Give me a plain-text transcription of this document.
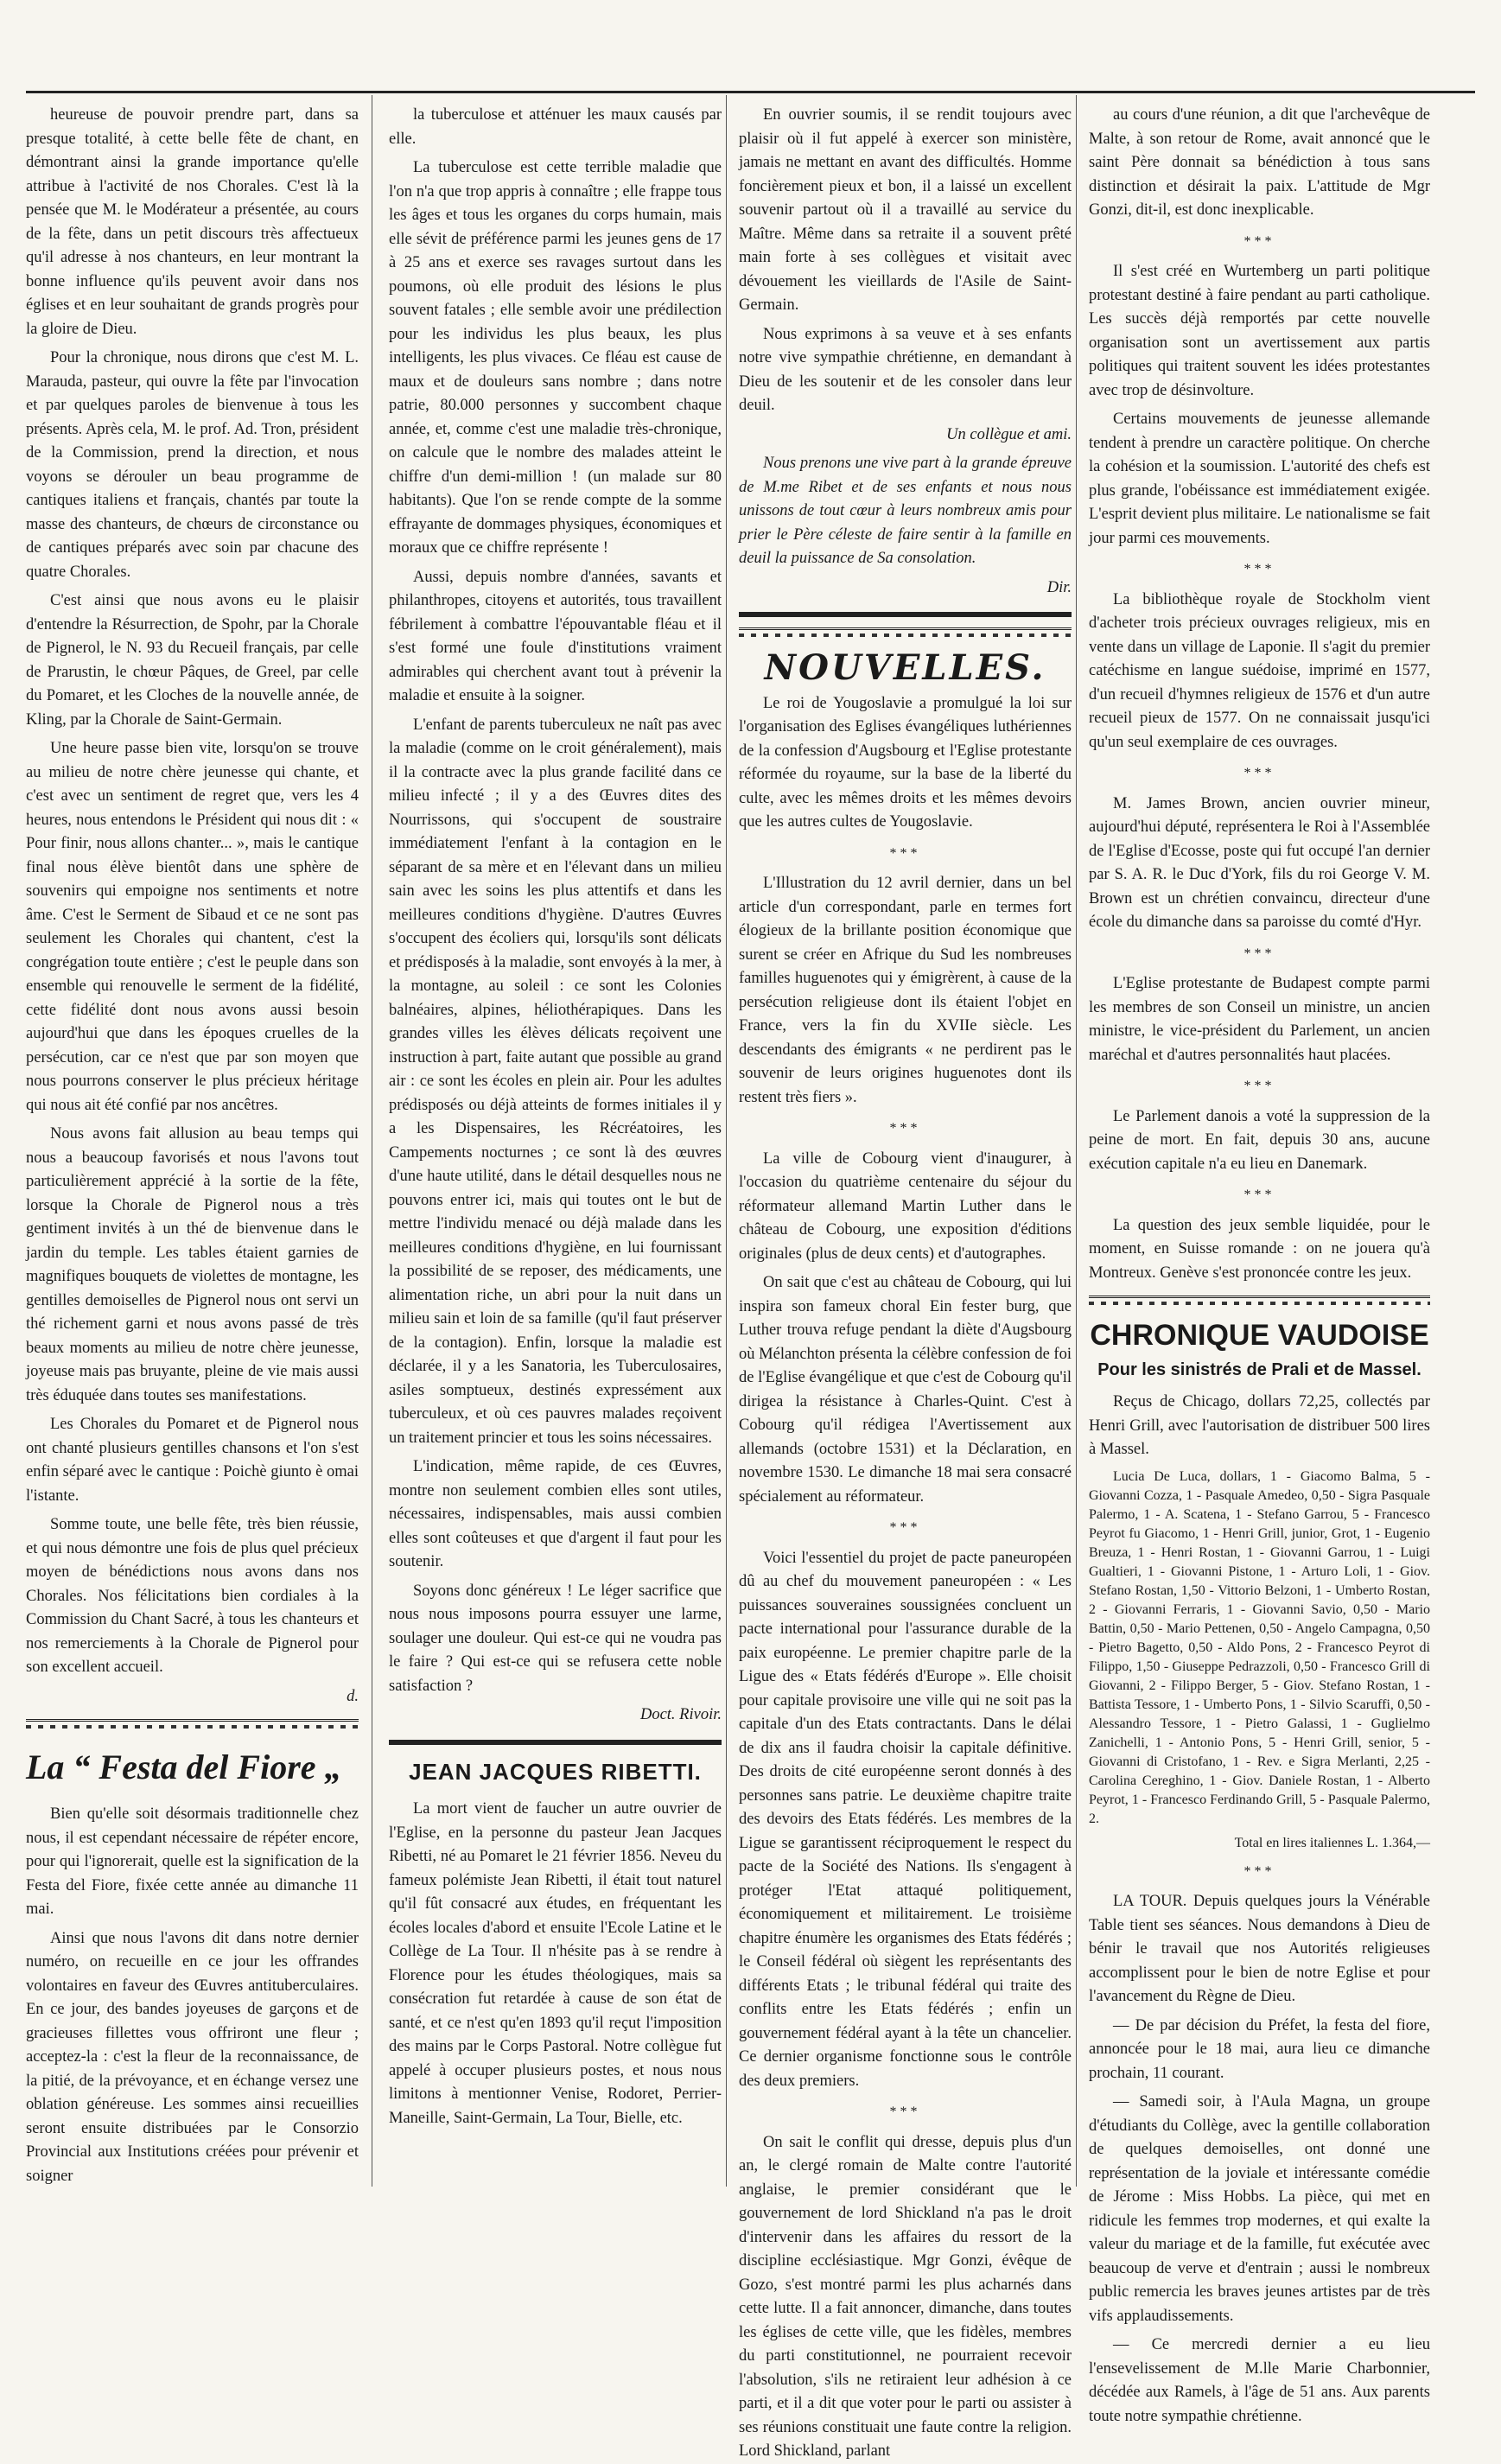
heureuse de pouvoir prendre part, dans sa presque totalité, à cette belle fête de chant, en démontrant ainsi la grande importance qu'elle attribue à l'activité de nos Chorales. C'est là la pensée que M. le Modérateur a présentée, au cours de la fête, dans un petit discours très affectueux qu'il adresse à nos chanteurs, en leur montrant la bonne influence qu'ils peuvent avoir dans nos églises et en leur souhaitant de grands progrès pour la gloire de Dieu.

Pour la chronique, nous dirons que c'est M. L. Marauda, pasteur, qui ouvre la fête par l'invocation et par quelques paroles de bienvenue à tous les présents. Après cela, M. le prof. Ad. Tron, président de la Commission, prend la direction, et nous voyons se dérouler un beau programme de cantiques italiens et français, chantés par toute la masse des chanteurs, de chœurs de circonstance ou de cantiques préparés avec soin par chacune des quatre Chorales.

C'est ainsi que nous avons eu le plaisir d'entendre la Résurrection, de Spohr, par la Chorale de Pignerol, le N. 93 du Recueil français, par celle de Prarustin, le chœur Pâques, de Greel, par celle du Pomaret, et les Cloches de la nouvelle année, de Kling, par la Chorale de Saint-Germain.

Une heure passe bien vite, lorsqu'on se trouve au milieu de notre chère jeunesse qui chante, et c'est avec un sentiment de regret que, vers les 4 heures, nous entendons le Président qui nous dit : « Pour finir, nous allons chanter... », mais le cantique final nous élève bientôt dans une sphère de souvenirs qui empoigne nos sentiments et notre âme. C'est le Serment de Sibaud et ce ne sont pas seulement les Chorales qui chantent, c'est la congrégation toute entière ; c'est le peuple dans son ensemble qui renouvelle le serment de la fidélité, cette fidélité dont nous avons aussi besoin aujourd'hui que dans les époques cruelles de la persécution, car ce n'est que par son moyen que nous pourrons conserver le plus précieux héritage qui nous ait été confié par nos ancêtres.

Nous avons fait allusion au beau temps qui nous a beaucoup favorisés et nous l'avons tout particulièrement apprécié à la sortie de la fête, lorsque la Chorale de Pignerol nous a très gentiment invités à un thé de bienvenue dans le jardin du temple. Les tables étaient garnies de magnifiques bouquets de violettes de montagne, les gentilles demoiselles de Pignerol nous ont servi un thé richement garni et nous avons passé de très beaux moments au milieu de notre chère jeunesse, joyeuse mais pas bruyante, pleine de vie mais aussi très éduquée dans toutes ses manifestations.

Les Chorales du Pomaret et de Pignerol nous ont chanté plusieurs gentilles chansons et l'on s'est enfin séparé avec le cantique : Poichè giunto è omai l'istante.

Somme toute, une belle fête, très bien réussie, et qui nous démontre une fois de plus quel précieux moyen de bénédictions nous avons dans nos Chorales. Nos félicitations bien cordiales à la Commission du Chant Sacré, à tous les chanteurs et nos remerciements à la Chorale de Pignerol pour son excellent accueil.

d.

La “ Festa del Fiore „

Bien qu'elle soit désormais traditionnelle chez nous, il est cependant nécessaire de répéter encore, pour qui l'ignorerait, quelle est la signification de la Festa del Fiore, fixée cette année au dimanche 11 mai.

Ainsi que nous l'avons dit dans notre dernier numéro, on recueille en ce jour les offrandes volontaires en faveur des Œuvres antituberculaires. En ce jour, des bandes joyeuses de garçons et de gracieuses fillettes vous offriront une fleur ; acceptez-la : c'est la fleur de la reconnaissance, de la pitié, de la prévoyance, et en échange versez une oblation généreuse. Les sommes ainsi recueillies seront ensuite distribuées par le Consorzio Provincial aux Institutions créées pour prévenir et soigner

la tuberculose et atténuer les maux causés par elle.

La tuberculose est cette terrible maladie que l'on n'a que trop appris à connaître ; elle frappe tous les âges et tous les organes du corps humain, mais elle sévit de préférence parmi les jeunes gens de 17 à 25 ans et exerce ses ravages surtout dans les poumons, où elle produit des lésions le plus souvent fatales ; elle semble avoir une prédilection pour les individus les plus beaux, les plus intelligents, les plus vivaces. Ce fléau est cause de maux et de douleurs sans nombre ; dans notre patrie, 80.000 personnes y succombent chaque année, et, comme c'est une maladie très-chronique, on calcule que le nombre des malades atteint le chiffre d'un demi-million ! (un malade sur 80 habitants). Que l'on se rende compte de la somme effrayante de dommages physiques, économiques et moraux que ce chiffre représente !

Aussi, depuis nombre d'années, savants et philanthropes, citoyens et autorités, tous travaillent fébrilement à combattre l'épouvantable fléau et il s'est formé une foule d'institutions vraiment admirables qui cherchent avant tout à prévenir la maladie et ensuite à la soigner.

L'enfant de parents tuberculeux ne naît pas avec la maladie (comme on le croit généralement), mais il la contracte avec la plus grande facilité dans ce milieu infecté ; il y a des Œuvres dites des Nourrissons, qui s'occupent de soustraire immédiatement l'enfant à la contagion en le séparant de sa mère et en l'élevant dans un milieu sain avec les soins les plus attentifs et dans les meilleures conditions d'hygiène. D'autres Œuvres s'occupent des écoliers qui, lorsqu'ils sont délicats et prédisposés à la maladie, sont envoyés à la mer, à la montagne, au soleil : ce sont les Colonies balnéaires, alpines, héliothérapiques. Dans les grandes villes les élèves délicats reçoivent une instruction à part, faite autant que possible au grand air : ce sont les écoles en plein air. Pour les adultes prédisposés ou déjà atteints de formes initiales il y a les Dispensaires, les Récréatoires, les Campements nocturnes ; ce sont là des œuvres d'une haute utilité, dans le détail desquelles nous ne pouvons entrer ici, mais qui toutes ont le but de mettre l'individu menacé ou déjà malade dans les meilleures conditions d'hygiène, en lui fournissant la possibilité de se reposer, des médicaments, une alimentation riche, un abri pour la nuit dans un milieu sain et loin de sa famille (qu'il faut préserver de la contagion). Enfin, lorsque la maladie est déclarée, il y a les Sanatoria, les Tuberculosaires, asiles somptueux, destinés expressément aux tuberculeux, et où ces pauvres malades reçoivent un traitement princier et tous les soins nécessaires.

L'indication, même rapide, de ces Œuvres, montre non seulement combien elles sont utiles, nécessaires, indispensables, mais aussi combien elles sont coûteuses et que d'argent il faut pour les soutenir.

Soyons donc généreux ! Le léger sacrifice que nous nous imposons pourra essuyer une larme, soulager une douleur. Qui est-ce qui ne voudra pas le faire ? Qui est-ce qui se refusera cette noble satisfaction ?

Doct. Rivoir.

JEAN JACQUES RIBETTI.

La mort vient de faucher un autre ouvrier de l'Eglise, en la personne du pasteur Jean Jacques Ribetti, né au Pomaret le 21 février 1856. Neveu du fameux polémiste Jean Ribetti, il était tout naturel qu'il fût consacré aux études, en fréquentant les écoles locales d'abord et ensuite l'Ecole Latine et le Collège de La Tour. Il n'hésite pas à se rendre à Florence pour les études théologiques, mais sa consécration fut retardée à cause de son état de santé, et ce n'est qu'en 1893 qu'il reçut l'imposition des mains par le Corps Pastoral. Notre collègue fut appelé à occuper plusieurs postes, et nous nous limitons à mentionner Venise, Rodoret, Perrier-Maneille, Saint-Germain, La Tour, Bielle, etc.

En ouvrier soumis, il se rendit toujours avec plaisir où il fut appelé à exercer son ministère, jamais ne mettant en avant des difficultés. Homme foncièrement pieux et bon, il a laissé un excellent souvenir partout où il a travaillé au service du Maître. Même dans sa retraite il a souvent prêté main forte à ses collègues et visitait avec dévouement les vieillards de l'Asile de Saint-Germain.

Nous exprimons à sa veuve et à ses enfants notre vive sympathie chrétienne, en demandant à Dieu de les soutenir et de les consoler dans leur deuil.

Un collègue et ami.

Nous prenons une vive part à la grande épreuve de M.me Ribet et de ses enfants et nous nous unissons de tout cœur à leurs nombreux amis pour prier le Père céleste de faire sentir à la famille en deuil la puissance de Sa consolation.

Dir.

NOUVELLES.

Le roi de Yougoslavie a promulgué la loi sur l'organisation des Eglises évangéliques luthériennes de la confession d'Augsbourg et l'Eglise protestante réformée du royaume, sur la base de la liberté du culte, avec les mêmes droits et les mêmes devoirs que les autres cultes de Yougoslavie.

***

L'Illustration du 12 avril dernier, dans un bel article d'un correspondant, parle en termes fort élogieux de la brillante position économique que surent se créer en Afrique du Sud les nombreuses familles huguenotes qui y émigrèrent, à cause de la persécution religieuse dont ils étaient l'objet en France, vers la fin du XVIIe siècle. Les descendants des émigrants « ne perdirent pas le souvenir de leurs origines huguenotes dont ils restent très fiers ».

***

La ville de Cobourg vient d'inaugurer, à l'occasion du quatrième centenaire du séjour du réformateur allemand Martin Luther dans le château de Cobourg, une exposition d'éditions originales (plus de deux cents) et d'autographes.

On sait que c'est au château de Cobourg, qui lui inspira son fameux choral Ein fester burg, que Luther trouva refuge pendant la diète d'Augsbourg où Mélanchton présenta la célèbre confession de foi de l'Eglise évangélique et que c'est de Cobourg qu'il dirigea la résistance à Charles-Quint. C'est à Cobourg qu'il rédigea l'Avertissement aux allemands (octobre 1531) et la Déclaration, en novembre 1530. Le dimanche 18 mai sera consacré spécialement au réformateur.

***

Voici l'essentiel du projet de pacte paneuropéen dû au chef du mouvement paneuropéen : « Les puissances souveraines soussignées concluent un pacte international pour l'assurance durable de la paix européenne. Le premier chapitre parle de la Ligue des « Etats fédérés d'Europe ». Elle choisit pour capitale provisoire une ville qui ne soit pas la capitale d'un des Etats contractants. Dans le délai de dix ans il faudra choisir la capitale définitive. Des droits de cité européenne seront donnés à des personnes sans patrie. Le deuxième chapitre traite des devoirs des Etats fédérés. Les membres de la Ligue se garantissent réciproquement le respect du pacte de la Société des Nations. Ils s'engagent à protéger l'Etat attaqué politiquement, économiquement et militairement. Le troisième chapitre énumère les organismes des Etats fédérés ; le Conseil fédéral où siègent les représentants des différents Etats ; le tribunal fédéral qui traite des conflits entre les Etats fédérés ; enfin un gouvernement fédéral ayant à la tête un chancelier. Ce dernier organisme fonctionne sous le contrôle des deux premiers.

***

On sait le conflit qui dresse, depuis plus d'un an, le clergé romain de Malte contre l'autorité anglaise, le premier considérant que le gouvernement de lord Shickland n'a pas le droit d'intervenir dans les affaires du ressort de la discipline ecclésiastique. Mgr Gonzi, évêque de Gozo, s'est montré parmi les plus acharnés dans cette lutte. Il a fait annoncer, dimanche, dans toutes les églises de cette ville, que les fidèles, membres du parti constitutionnel, ne pourraient recevoir l'absolution, s'ils ne retiraient leur adhésion à ce parti, et il a dit que voter pour le parti ou assister à ses réunions constituait une faute contre la religion. Lord Shickland, parlant

au cours d'une réunion, a dit que l'archevêque de Malte, à son retour de Rome, avait annoncé que le saint Père donnait sa bénédiction à tous sans distinction et désirait la paix. L'attitude de Mgr Gonzi, dit-il, est donc inexplicable.

***

Il s'est créé en Wurtemberg un parti politique protestant destiné à faire pendant au parti catholique. Les succès déjà remportés par cette nouvelle organisation sont un avertissement aux partis politiques qui traitent souvent les idées protestantes avec trop de désinvolture.

Certains mouvements de jeunesse allemande tendent à prendre un caractère politique. On cherche la cohésion et la soumission. L'autorité des chefs est plus grande, l'obéissance est immédiatement exigée. L'esprit devient plus militaire. Le nationalisme se fait jour parmi ces mouvements.

***

La bibliothèque royale de Stockholm vient d'acheter trois précieux ouvrages religieux, mis en vente dans un village de Laponie. Il s'agit du premier catéchisme en langue suédoise, imprimé en 1577, d'un recueil d'hymnes religieux de 1576 et d'un autre recueil pieux de 1577. On ne connaissait jusqu'ici qu'un seul exemplaire de ces ouvrages.

***

M. James Brown, ancien ouvrier mineur, aujourd'hui député, représentera le Roi à l'Assemblée de l'Eglise d'Ecosse, poste qui fut occupé l'an dernier par S. A. R. le Duc d'York, fils du roi George V. M. Brown est un chrétien convaincu, directeur d'une école du dimanche dans sa paroisse du comté d'Hyr.

***

L'Eglise protestante de Budapest compte parmi les membres de son Conseil un ministre, un ancien ministre, le vice-président du Parlement, un ancien maréchal et d'autres personnalités haut placées.

***

Le Parlement danois a voté la suppression de la peine de mort. En fait, depuis 30 ans, aucune exécution capitale n'a eu lieu en Danemark.

***

La question des jeux semble liquidée, pour le moment, en Suisse romande : on ne jouera qu'à Montreux. Genève s'est prononcée contre les jeux.

CHRONIQUE VAUDOISE
Pour les sinistrés de Prali et de Massel.

Reçus de Chicago, dollars 72,25, collectés par Henri Grill, avec l'autorisation de distribuer 500 lires à Massel.

Lucia De Luca, dollars, 1 - Giacomo Balma, 5 - Giovanni Cozza, 1 - Pasquale Amedeo, 0,50 - Sigra Pasquale Palermo, 1 - A. Scatena, 1 - Stefano Garrou, 5 - Francesco Peyrot fu Giacomo, 1 - Henri Grill, junior, Grot, 1 - Eugenio Breuza, 1 - Henri Rostan, 1 - Giovanni Garrou, 1 - Luigi Gualtieri, 1 - Giovanni Pistone, 1 - Arturo Loli, 1 - Giov. Stefano Rostan, 1,50 - Vittorio Belzoni, 1 - Umberto Rostan, 2 - Giovanni Ferraris, 1 - Giovanni Savio, 0,50 - Mario Battin, 0,50 - Mario Pettenen, 0,50 - Angelo Campagna, 0,50 - Pietro Bagetto, 0,50 - Aldo Pons, 2 - Francesco Peyrot di Filippo, 1,50 - Giuseppe Pedrazzoli, 0,50 - Francesco Grill di Giovanni, 2 - Filippo Berger, 5 - Giov. Stefano Rostan, 1 - Battista Tessore, 1 - Umberto Pons, 1 - Silvio Scaruffi, 0,50 - Alessandro Tessore, 1 - Pietro Galassi, 1 - Guglielmo Zanichelli, 1 - Antonio Pons, 5 - Henri Grill, senior, 5 - Giovanni di Cristofano, 1 - Rev. e Sigra Merlanti, 2,25 - Carolina Cereghino, 1 - Giov. Daniele Rostan, 1 - Alberto Peyrot, 1 - Francesco Ferdinando Grill, 5 - Pasquale Palermo, 2.

Total en lires italiennes L. 1.364,—

***

LA TOUR. Depuis quelques jours la Vénérable Table tient ses séances. Nous demandons à Dieu de bénir le travail que nos Autorités religieuses accomplissent pour le bien de notre Eglise et pour l'avancement du Règne de Dieu.

— De par décision du Préfet, la festa del fiore, annoncée pour le 18 mai, aura lieu ce dimanche prochain, 11 courant.

— Samedi soir, à l'Aula Magna, un groupe d'étudiants du Collège, avec la gentille collaboration de quelques demoiselles, ont donné une représentation de la joviale et intéressante comédie de Jérome : Miss Hobbs. La pièce, qui met en ridicule les femmes trop modernes, et qui exalte la valeur du mariage et de la famille, fut exécutée avec beaucoup de verve et d'entrain ; aussi le nombreux public remercia les braves jeunes artistes par de très vifs applaudissements.

— Ce mercredi dernier a eu lieu l'ensevelissement de M.lle Marie Charbonnier, décédée aux Ramels, à l'âge de 51 ans. Aux parents toute notre sympathie chrétienne.
